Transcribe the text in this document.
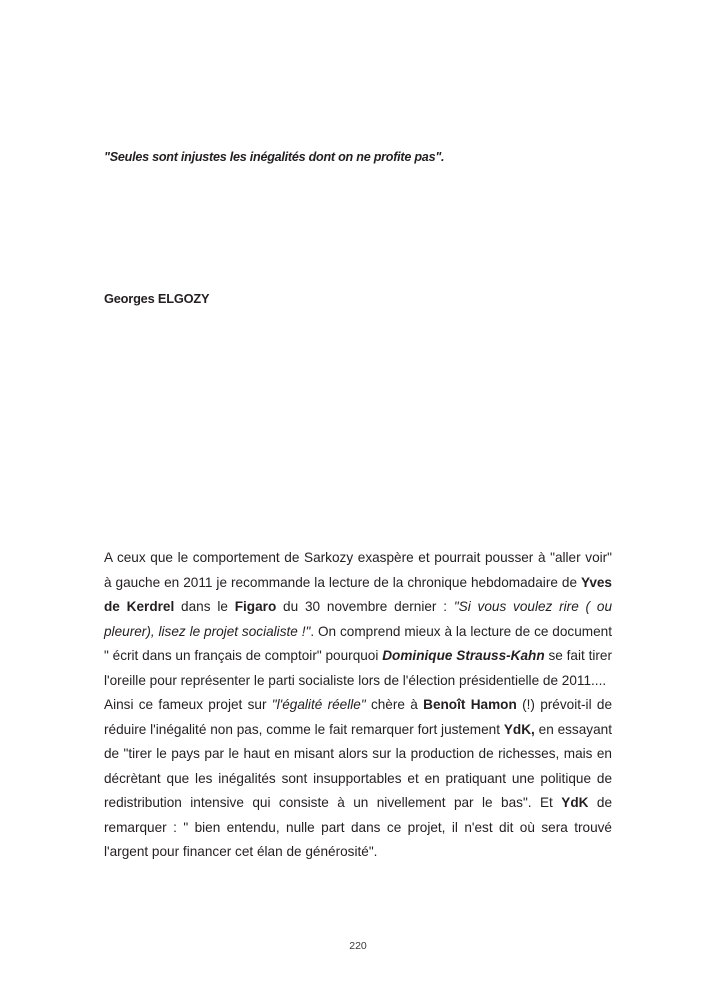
"Seules sont injustes les inégalités dont on ne profite pas".
Georges ELGOZY

A ceux que le comportement de Sarkozy exaspère et pourrait pousser à "aller voir" à gauche en 2011 je recommande la lecture de la chronique hebdomadaire de Yves de Kerdrel dans le Figaro du 30 novembre dernier : "Si vous voulez rire ( ou pleurer), lisez le projet socialiste !". On comprend mieux à la lecture de ce document " écrit dans un français de comptoir" pourquoi Dominique Strauss-Kahn se fait tirer l'oreille pour représenter le parti socialiste lors de l'élection présidentielle de 2011....

Ainsi ce fameux projet sur "l'égalité réelle" chère à Benoît Hamon (!) prévoit-il de réduire l'inégalité non pas, comme le fait remarquer fort justement YdK, en essayant de "tirer le pays par le haut en misant alors sur la production de richesses, mais en décrètant que les inégalités sont insupportables et en pratiquant une politique de redistribution intensive qui consiste à un nivellement par le bas". Et YdK de remarquer : " bien entendu, nulle part dans ce projet, il n'est dit où sera trouvé l'argent pour financer cet élan de générosité".

220
